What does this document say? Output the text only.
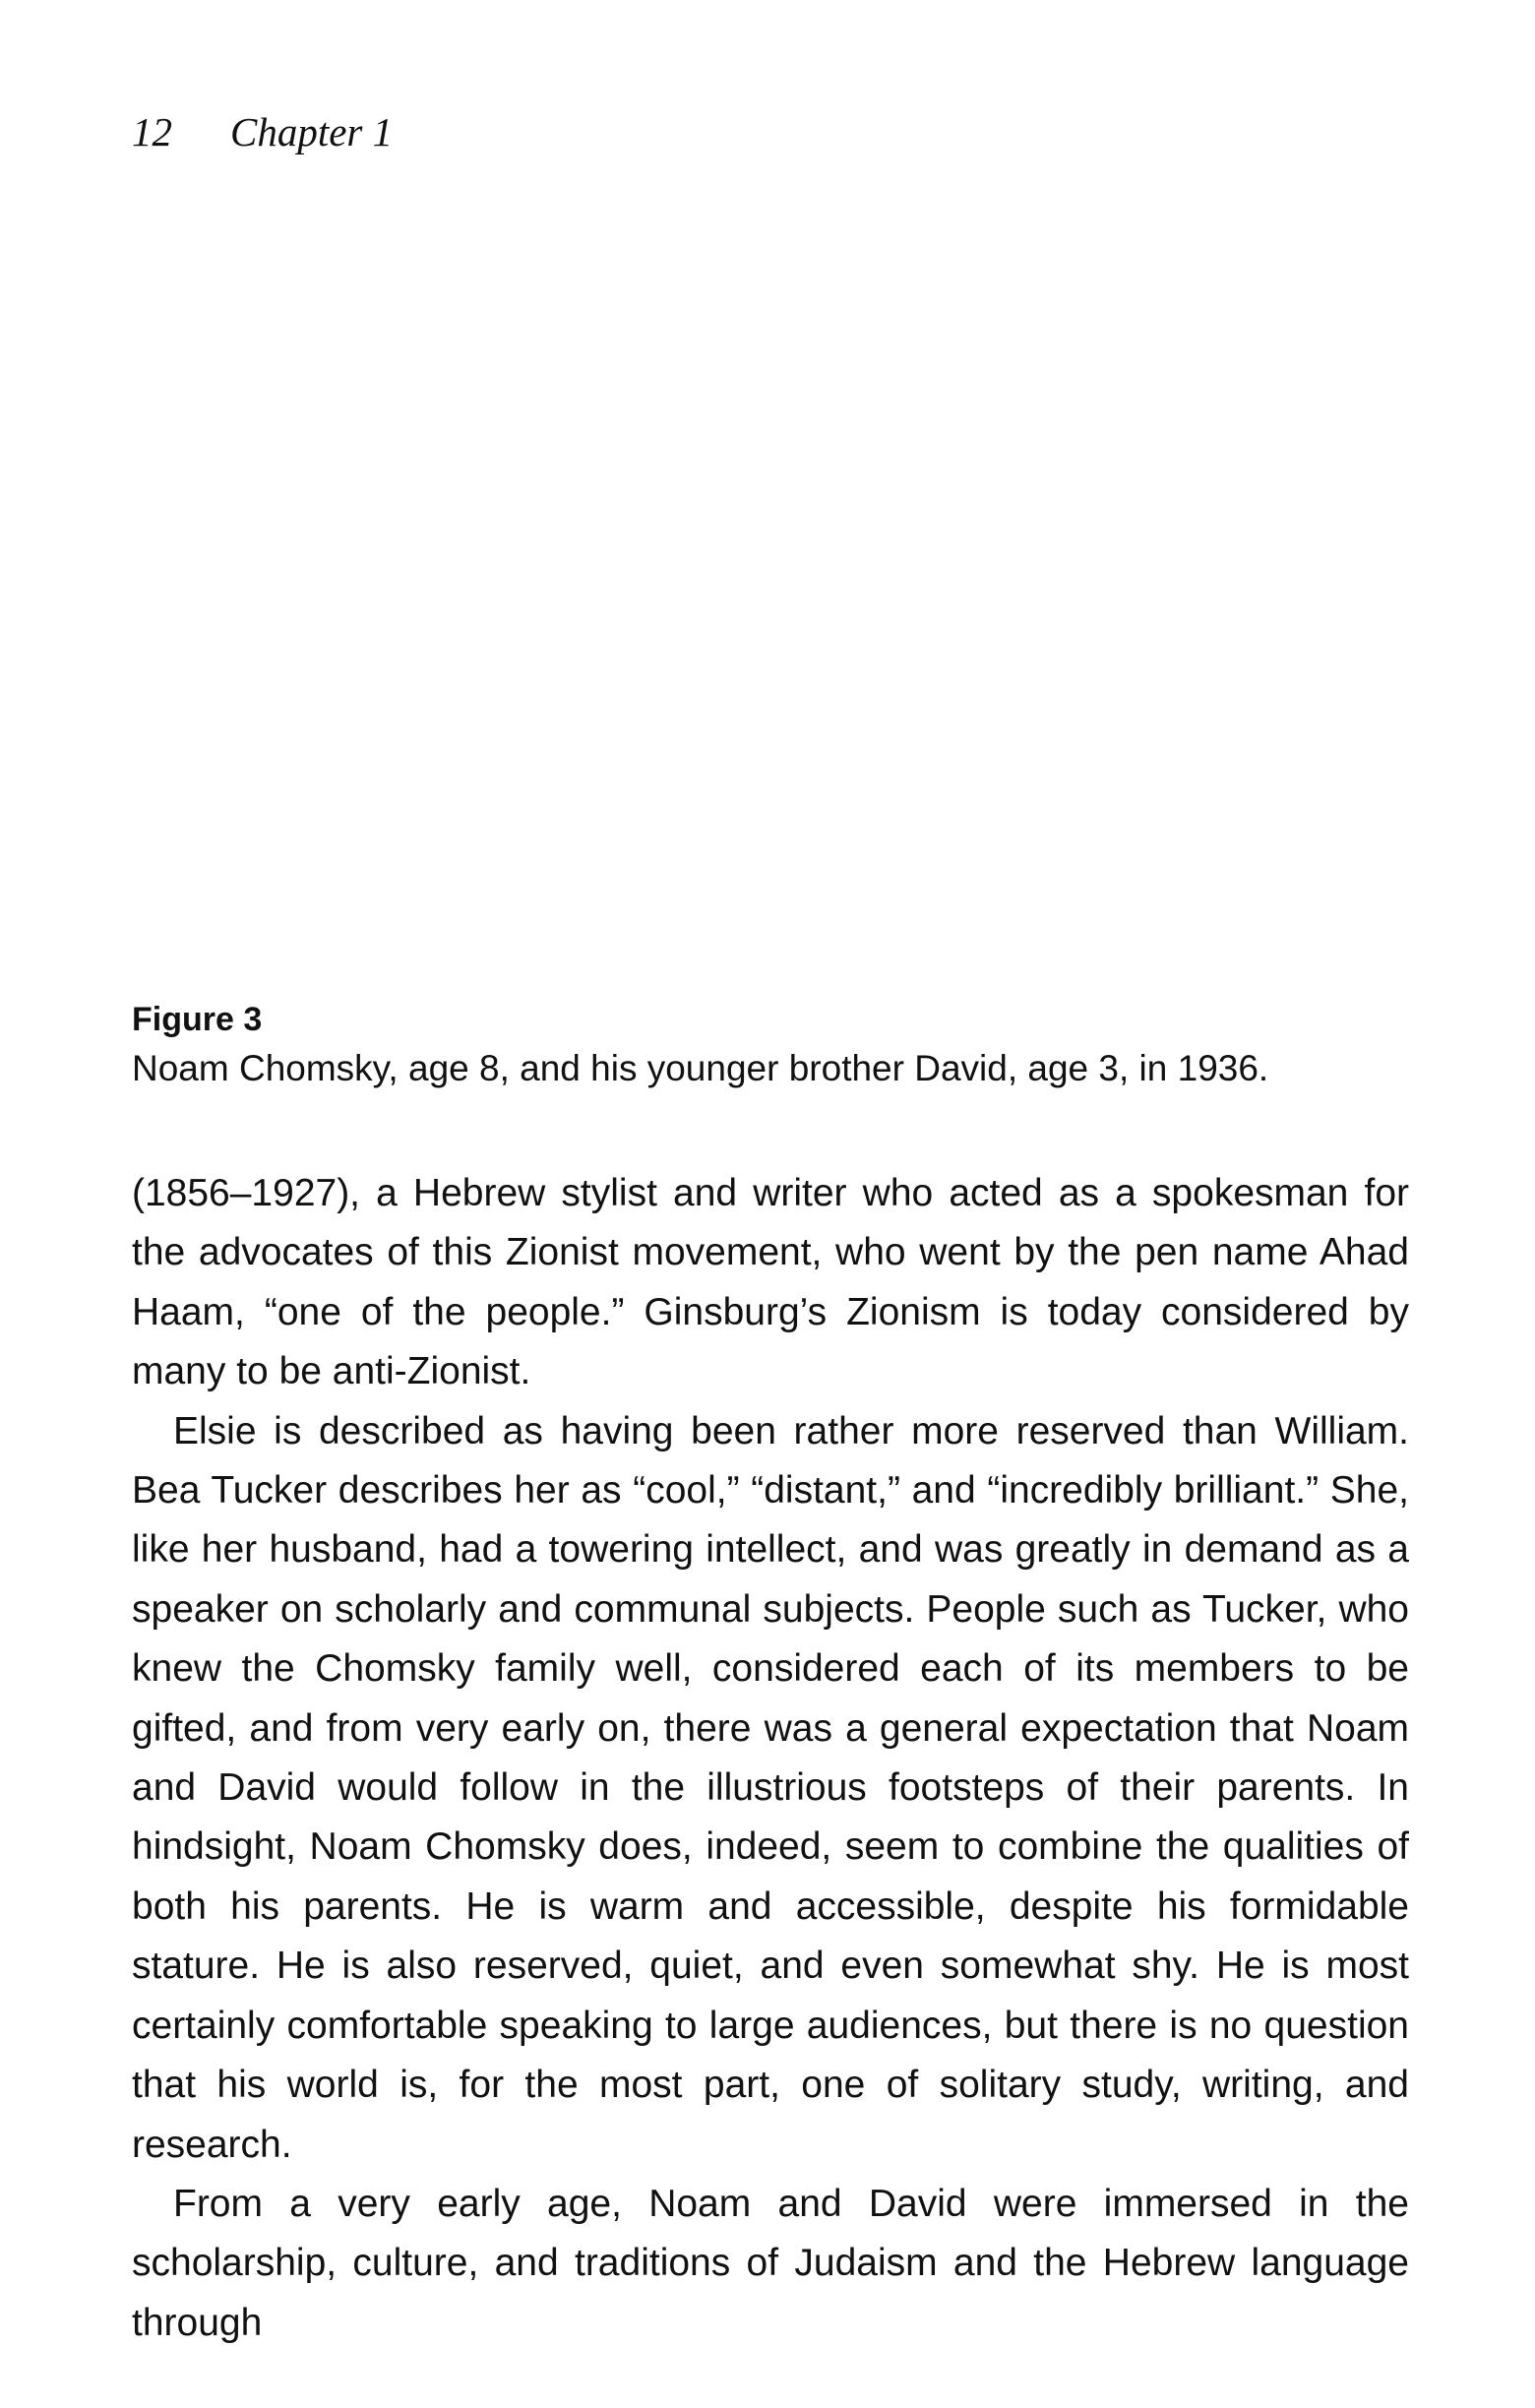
12 Chapter 1
Figure 3
Noam Chomsky, age 8, and his younger brother David, age 3, in 1936.

(1856–1927), a Hebrew stylist and writer who acted as a spokesman for the advocates of this Zionist movement, who went by the pen name Ahad Haam, “one of the people.” Ginsburg’s Zionism is today considered by many to be anti-Zionist.

Elsie is described as having been rather more reserved than William. Bea Tucker describes her as “cool,” “distant,” and “incredibly brilliant.” She, like her husband, had a towering intellect, and was greatly in demand as a speaker on scholarly and communal subjects. People such as Tucker, who knew the Chomsky family well, considered each of its members to be gifted, and from very early on, there was a general expectation that Noam and David would follow in the illustrious footsteps of their parents. In hindsight, Noam Chomsky does, indeed, seem to combine the qualities of both his parents. He is warm and accessible, despite his formidable stature. He is also reserved, quiet, and even somewhat shy. He is most certainly comfortable speaking to large audiences, but there is no question that his world is, for the most part, one of solitary study, writing, and research.

From a very early age, Noam and David were immersed in the scholarship, culture, and traditions of Judaism and the Hebrew language through
